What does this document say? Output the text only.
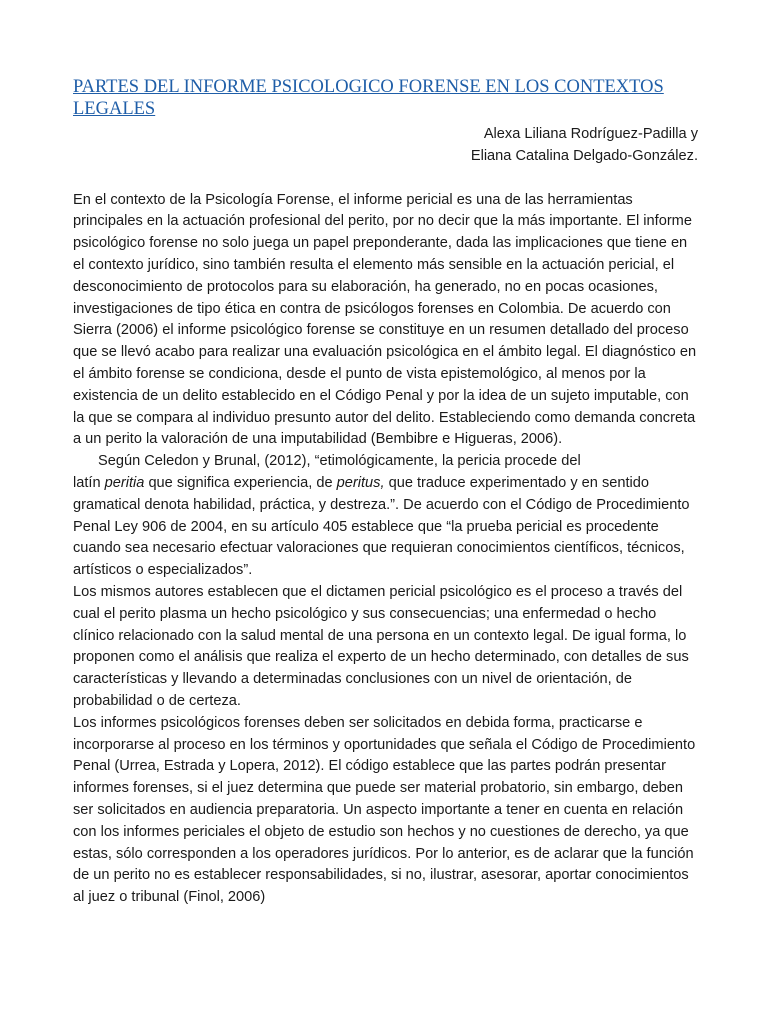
PARTES DEL INFORME PSICOLOGICO FORENSE EN LOS CONTEXTOS LEGALES
Alexa Liliana Rodríguez-Padilla y
Eliana Catalina Delgado-González.

En el contexto de la Psicología Forense, el informe pericial es una de las herramientas principales en la actuación profesional del perito, por no decir que la más importante. El informe psicológico forense no solo juega un papel preponderante, dada las implicaciones que tiene en el contexto jurídico, sino también resulta el elemento más sensible en la actuación pericial, el desconocimiento de protocolos para su elaboración, ha generado, no en pocas ocasiones, investigaciones de tipo ética en contra de psicólogos forenses en Colombia. De acuerdo con Sierra (2006) el informe psicológico forense se constituye en un resumen detallado del proceso que se llevó acabo para realizar una evaluación psicológica en el ámbito legal. El diagnóstico en el ámbito forense se condiciona, desde el punto de vista epistemológico, al menos por la existencia de un delito establecido en el Código Penal y por la idea de un sujeto imputable, con la que se compara al individuo presunto autor del delito. Estableciendo como demanda concreta a un perito la valoración de una imputabilidad (Bembibre e Higueras, 2006).

Según Celedon y Brunal, (2012), “etimológicamente, la pericia procede del

latín peritia que significa experiencia, de peritus, que traduce experimentado y en sentido gramatical denota habilidad, práctica, y destreza.”. De acuerdo con el Código de Procedimiento Penal Ley 906 de 2004, en su artículo 405 establece que “la prueba pericial es procedente cuando sea necesario efectuar valoraciones que requieran conocimientos científicos, técnicos, artísticos o especializados”.

Los mismos autores establecen que el dictamen pericial psicológico es el proceso a través del cual el perito plasma un hecho psicológico y sus consecuencias; una enfermedad o hecho clínico relacionado con la salud mental de una persona en un contexto legal. De igual forma, lo proponen como el análisis que realiza el experto de un hecho determinado, con detalles de sus características y llevando a determinadas conclusiones con un nivel de orientación, de probabilidad o de certeza.

Los informes psicológicos forenses deben ser solicitados en debida forma, practicarse e incorporarse al proceso en los términos y oportunidades que señala el Código de Procedimiento Penal (Urrea, Estrada y Lopera, 2012). El código establece que las partes podrán presentar informes forenses, si el juez determina que puede ser material probatorio, sin embargo, deben ser solicitados en audiencia preparatoria. Un aspecto importante a tener en cuenta en relación con los informes periciales el objeto de estudio son hechos y no cuestiones de derecho, ya que estas, sólo corresponden a los operadores jurídicos. Por lo anterior, es de aclarar que la función de un perito no es establecer responsabilidades, si no, ilustrar, asesorar, aportar conocimientos al juez o tribunal (Finol, 2006)
